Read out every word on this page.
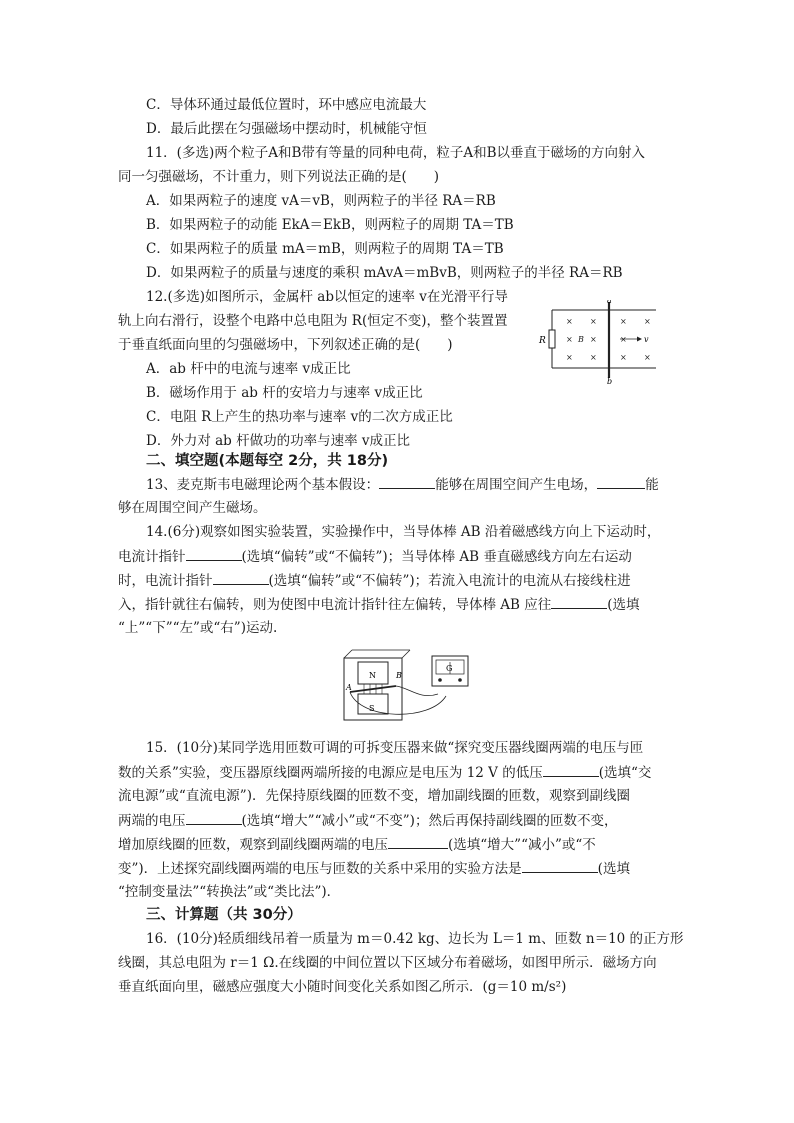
C．导体环通过最低位置时，环中感应电流最大
D．最后此摆在匀强磁场中摆动时，机械能守恒
11．(多选)两个粒子A和B带有等量的同种电荷，粒子A和B以垂直于磁场的方向射入
同一匀强磁场，不计重力，则下列说法正确的是(　　)
A．如果两粒子的速度 vA＝vB，则两粒子的半径 RA＝RB
B．如果两粒子的动能 EkA＝EkB，则两粒子的周期 TA＝TB
C．如果两粒子的质量 mA＝mB，则两粒子的周期 TA＝TB
D．如果两粒子的质量与速度的乘积 mAvA＝mBvB，则两粒子的半径 RA＝RB
12.(多选)如图所示，金属杆 ab以恒定的速率 v在光滑平行导
轨上向右滑行，设整个电路中总电阻为 R(恒定不变)，整个装置置
于垂直纸面向里的匀强磁场中，下列叙述正确的是(　　)
A．ab 杆中的电流与速率 v成正比
B．磁场作用于 ab 杆的安培力与速率 v成正比
C．电阻 R上产生的热功率与速率 v的二次方成正比
D．外力对 ab 杆做功的功率与速率 v成正比
R
a
b
× ×	× ×
× B ×	×
× ×	× ×
v
二、填空题(本题每空 2分，共 18分)
13、麦克斯韦电磁理论两个基本假设：	能够在周围空间产生电场，	能
够在周围空间产生磁场。
14.(6分)观察如图实验装置，实验操作中，当导体棒 AB 沿着磁感线方向上下运动时，
电流计指针	(选填“偏转”或“不偏转”)；当导体棒 AB 垂直磁感线方向左右运动
时，电流计指针	(选填“偏转”或“不偏转”)；若流入电流计的电流从右接线柱进
入，指针就往右偏转，则为使图中电流计指针往左偏转，导体棒 AB 应往	(选填
“上”“下”“左”或“右”)运动.
N
S
A
B
G
15．(10分)某同学选用匝数可调的可拆变压器来做“探究变压器线圈两端的电压与匝
数的关系”实验，变压器原线圈两端所接的电源应是电压为 12 V 的低压	(选填“交
流电源”或“直流电源”)．先保持原线圈的匝数不变，增加副线圈的匝数，观察到副线圈
两端的电压	(选填“增大”“减小”或“不变”)；然后再保持副线圈的匝数不变，
增加原线圈的匝数，观察到副线圈两端的电压	(选填“增大”“减小”或“不
变”)．上述探究副线圈两端的电压与匝数的关系中采用的实验方法是	(选填
“控制变量法”“转换法”或“类比法”)．
三、计算题（共 30分）
16．(10分)轻质细线吊着一质量为 m＝0.42 kg、边长为 L＝1 m、匝数 n＝10 的正方形
线圈，其总电阻为 r＝1 Ω.在线圈的中间位置以下区域分布着磁场，如图甲所示．磁场方向
垂直纸面向里，磁感应强度大小随时间变化关系如图乙所示．(g＝10 m/s²)
